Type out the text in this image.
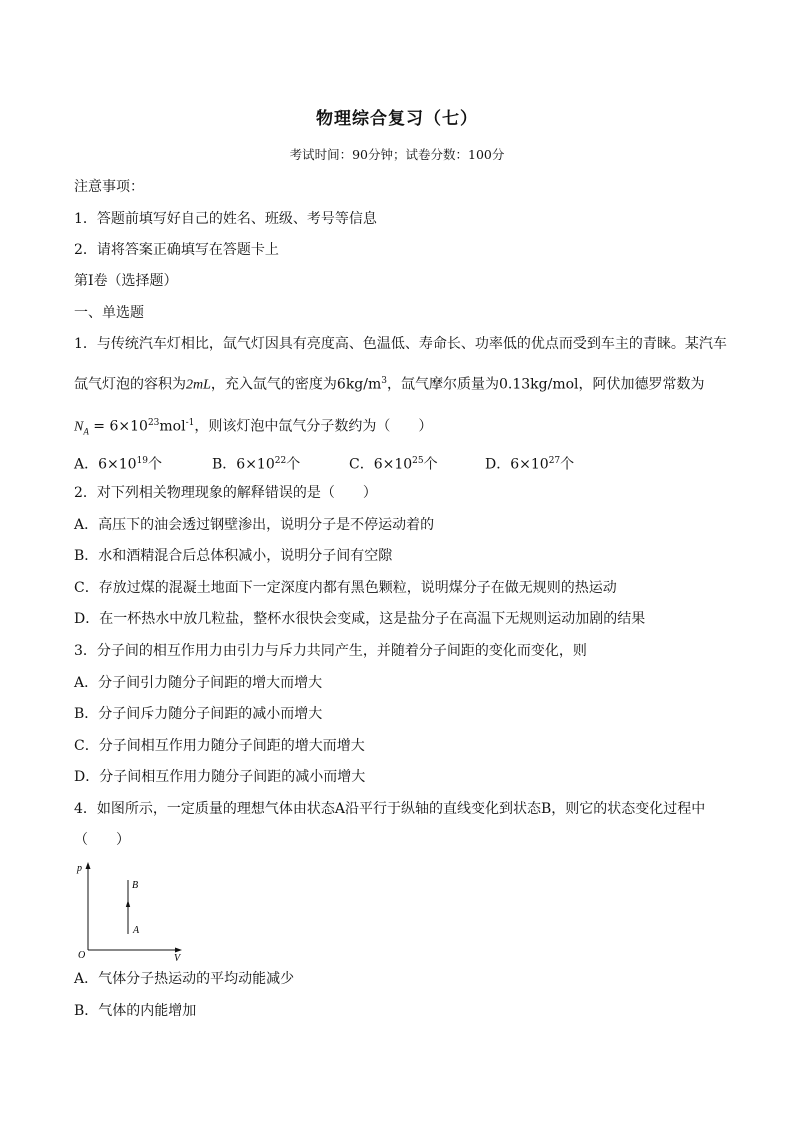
物理综合复习（七）
考试时间：90分钟；试卷分数：100分
注意事项：
1．答题前填写好自己的姓名、班级、考号等信息
2．请将答案正确填写在答题卡上
第I卷（选择题）
一、单选题
1．与传统汽车灯相比，氙气灯因具有亮度高、色温低、寿命长、功率低的优点而受到车主的青睐。某汽车
氙气灯泡的容积为2mL，充入氙气的密度为$6kg/m^3$，氙气摩尔质量为0.13kg/mol，阿伏加德罗常数为
$N_A = 6\times 10^{23}mol^{-1}$，则该灯泡中氙气分子数约为（　　）
A．$6\times 10^{19}$个	B．$6\times 10^{22}$个	C．$6\times 10^{25}$个	D．$6\times 10^{27}$个
2．对下列相关物理现象的解释错误的是（　　）
A．高压下的油会透过钢壁渗出，说明分子是不停运动着的
B．水和酒精混合后总体积减小，说明分子间有空隙
C．存放过煤的混凝土地面下一定深度内都有黑色颗粒，说明煤分子在做无规则的热运动
D．在一杯热水中放几粒盐，整杯水很快会变咸，这是盐分子在高温下无规则运动加剧的结果
3．分子间的相互作用力由引力与斥力共同产生，并随着分子间距的变化而变化，则
A．分子间引力随分子间距的增大而增大
B．分子间斥力随分子间距的减小而增大
C．分子间相互作用力随分子间距的增大而增大
D．分子间相互作用力随分子间距的减小而增大
4．如图所示，一定质量的理想气体由状态A沿平行于纵轴的直线变化到状态B，则它的状态变化过程中
（　　）
p
V
O
B
A
A．气体分子热运动的平均动能减少
B．气体的内能增加
